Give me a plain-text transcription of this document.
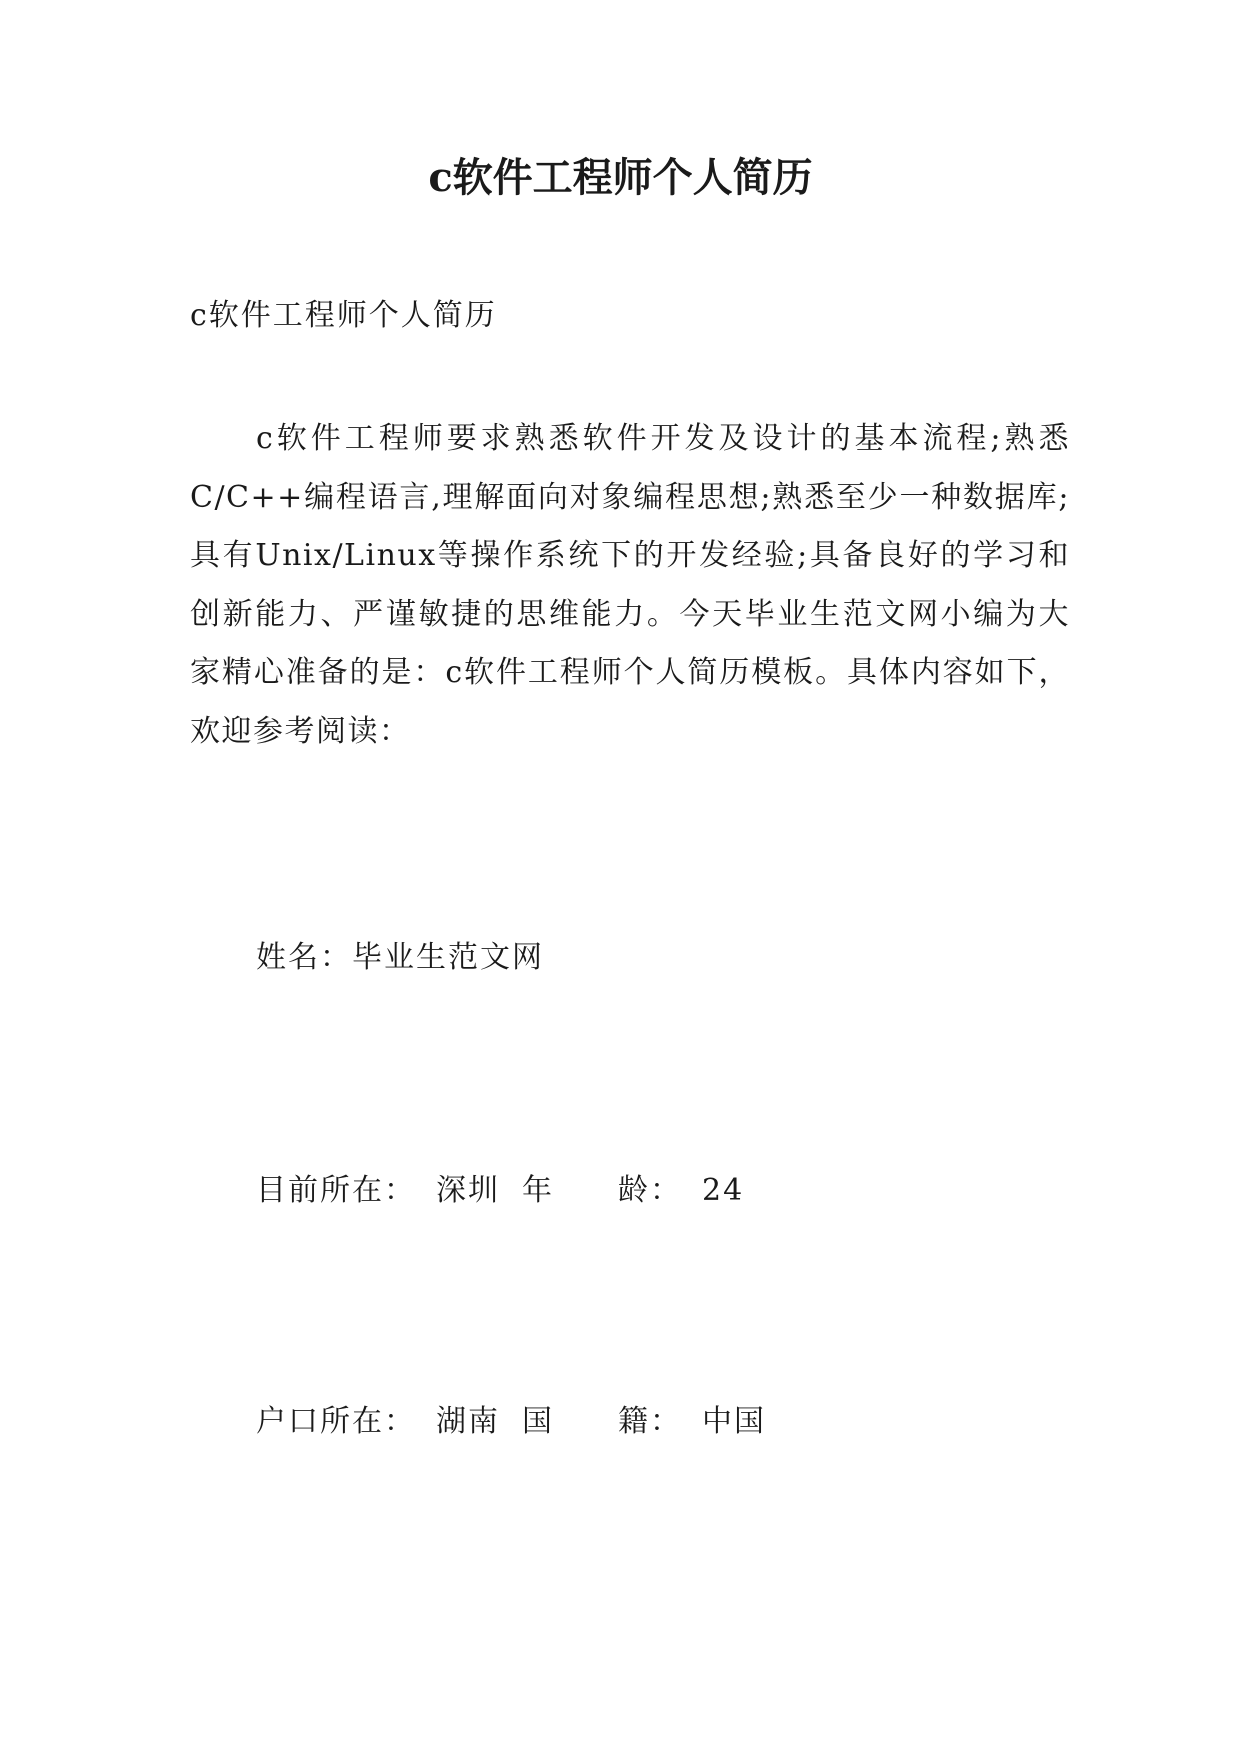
c软件工程师个人简历

c软件工程师个人简历

c软件工程师要求熟悉软件开发及设计的基本流程;熟悉C/C++编程语言,理解面向对象编程思想;熟悉至少一种数据库;具有Unix/Linux等操作系统下的开发经验;具备良好的学习和创新能力、严谨敏捷的思维能力。今天毕业生范文网小编为大家精心准备的是：c软件工程师个人简历模板。具体内容如下，欢迎参考阅读：

姓名：毕业生范文网

目前所在： 深圳 年　　龄： 24

户口所在： 湖南 国　　籍： 中国
